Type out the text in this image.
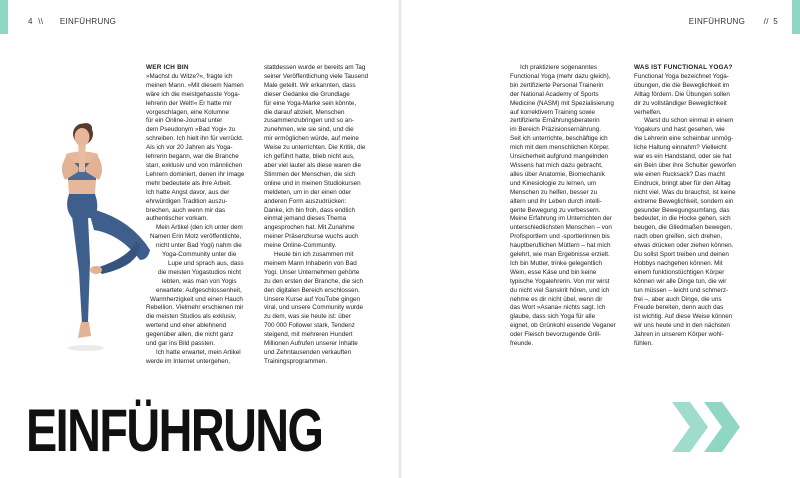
4 \\ EINFÜHRUNG

WER ICH BIN

»Machst du Witze?«, fragte ich

meinen Mann. »Mit diesem Namen

wäre ich die meistgehasste Yoga-

lehrerin der Welt!« Er hatte mir

vorgeschlagen, eine Kolumne

für ein Online-Journal unter

dem Pseudonym »Bad Yogi« zu

schreiben. Ich hielt ihn für verrückt.

Als ich vor 20 Jahren als Yoga-

lehrerin begann, war die Branche

starr, exklusiv und von männlichen

Lehrern dominiert, denen ihr Image

mehr bedeutete als ihre Arbeit.

Ich hatte Angst davor, aus der

ehrwürdigen Tradition auszu-

brechen, auch wenn mir das

authentischer vorkam.

Mein Artikel (den ich unter dem

Namen Erin Motz veröffentlichte,

nicht unter Bad Yogi) nahm die

Yoga-Community unter die

Lupe und sprach aus, dass

die meisten Yogastudios nicht

lebten, was man von Yogis

erwartete: Aufgeschlossenheit,

Warmherzigkeit und einen Hauch

Rebellion. Vielmehr erschienen mir

die meisten Studios als exklusiv,

wertend und eher ablehnend

gegenüber allen, die nicht ganz

und gar ins Bild passten.

Ich hatte erwartet, mein Artikel

werde im Internet untergehen,

stattdessen wurde er bereits am Tag

seiner Veröffentlichung viele Tausend

Male geteilt. Wir erkannten, dass

dieser Gedanke die Grundlage

für eine Yoga-Marke sein könnte,

die darauf abzielt, Menschen

zusammenzubringen und so an-

zunehmen, wie sie sind, und die

mir ermöglichen würde, auf meine

Weise zu unterrichten. Die Kritik, die

ich geführt hatte, blieb nicht aus,

aber viel lauter als diese waren die

Stimmen der Menschen, die sich

online und in meinen Studiokursen

meldeten, um in der einen oder

anderen Form auszudrücken:

Danke, ich bin froh, dass endlich

einmal jemand dieses Thema

angesprochen hat. Mit Zunahme

meiner Präsenzkurse wuchs auch

meine Online-Community.

Heute bin ich zusammen mit

meinem Mann Inhaberin von Bad

Yogi. Unser Unternehmen gehörte

zu den ersten der Branche, die sich

den digitalen Bereich erschlossen.

Unsere Kurse auf YouTube gingen

viral, und unsere Community wurde

zu dem, was sie heute ist: über

700 000 Follower stark, Tendenz

steigend, mit mehreren Hundert

Millionen Aufrufen unserer Inhalte

und Zehntausenden verkauften

Trainingsprogrammen.

EINFÜHRUNG
EINFÜHRUNG // 5

Ich praktiziere sogenanntes

Functional Yoga (mehr dazu gleich),

bin zertifizierte Personal Trainerin

der National Academy of Sports

Medicine (NASM) mit Spezialisierung

auf korrektivem Training sowie

zertifizierte Ernährungsberaterin

im Bereich Präzisionsernährung.

Seit ich unterrichte, beschäftige ich

mich mit dem menschlichen Körper.

Unsicherheit aufgrund mangelnden

Wissens hat mich dazu gebracht,

alles über Anatomie, Biomechanik

und Kinesiologie zu lernen, um

Menschen zu helfen, besser zu

altern und ihr Leben durch intelli-

gente Bewegung zu verbessern.

Meine Erfahrung im Unterrichten der

unterschiedlichsten Menschen – von

Profisportlern und -sportlerinnen bis

hauptberuflichen Müttern – hat mich

gelehrt, wie man Ergebnisse erzielt.

Ich bin Mutter, trinke gelegentlich

Wein, esse Käse und bin keine

typische Yogalehrerin. Von mir wirst

du nicht viel Sanskrit hören, und ich

nehme es dir nicht übel, wenn dir

das Wort »Asana« nichts sagt. Ich

glaube, dass sich Yoga für alle

eignet, ob Grünkohl essende Veganer

oder Fleisch bevorzugende Grill-

freunde.

WAS IST FUNCTIONAL YOGA?

Functional Yoga bezeichnet Yoga-

übungen, die die Beweglichkeit im

Alltag fördern. Die Übungen sollen

dir zu vollständiger Beweglichkeit

verhelfen.

Warst du schon einmal in einem

Yogakurs und hast gesehen, wie

die Lehrerin eine scheinbar unmög-

liche Haltung einnahm? Vielleicht

war es ein Handstand, oder sie hat

ein Bein über ihre Schulter geworfen

wie einen Rucksack? Das macht

Eindruck, bringt aber für den Alltag

nicht viel. Was du brauchst, ist keine

extreme Beweglichkeit, sondern ein

gesunder Bewegungsumfang, das

bedeutet, in die Hocke gehen, sich

beugen, die Gliedmaßen bewegen,

nach oben greifen, sich drehen,

etwas drücken oder ziehen können.

Du sollst Sport treiben und deinen

Hobbys nachgehen können. Mit

einem funktionstüchtigen Körper

können wir alle Dinge tun, die wir

tun müssen – leicht und schmerz-

frei –, aber auch Dinge, die uns

Freude bereiten, denn auch das

ist wichtig. Auf diese Weise können

wir uns heute und in den nächsten

Jahren in unserem Körper wohl-

fühlen.
